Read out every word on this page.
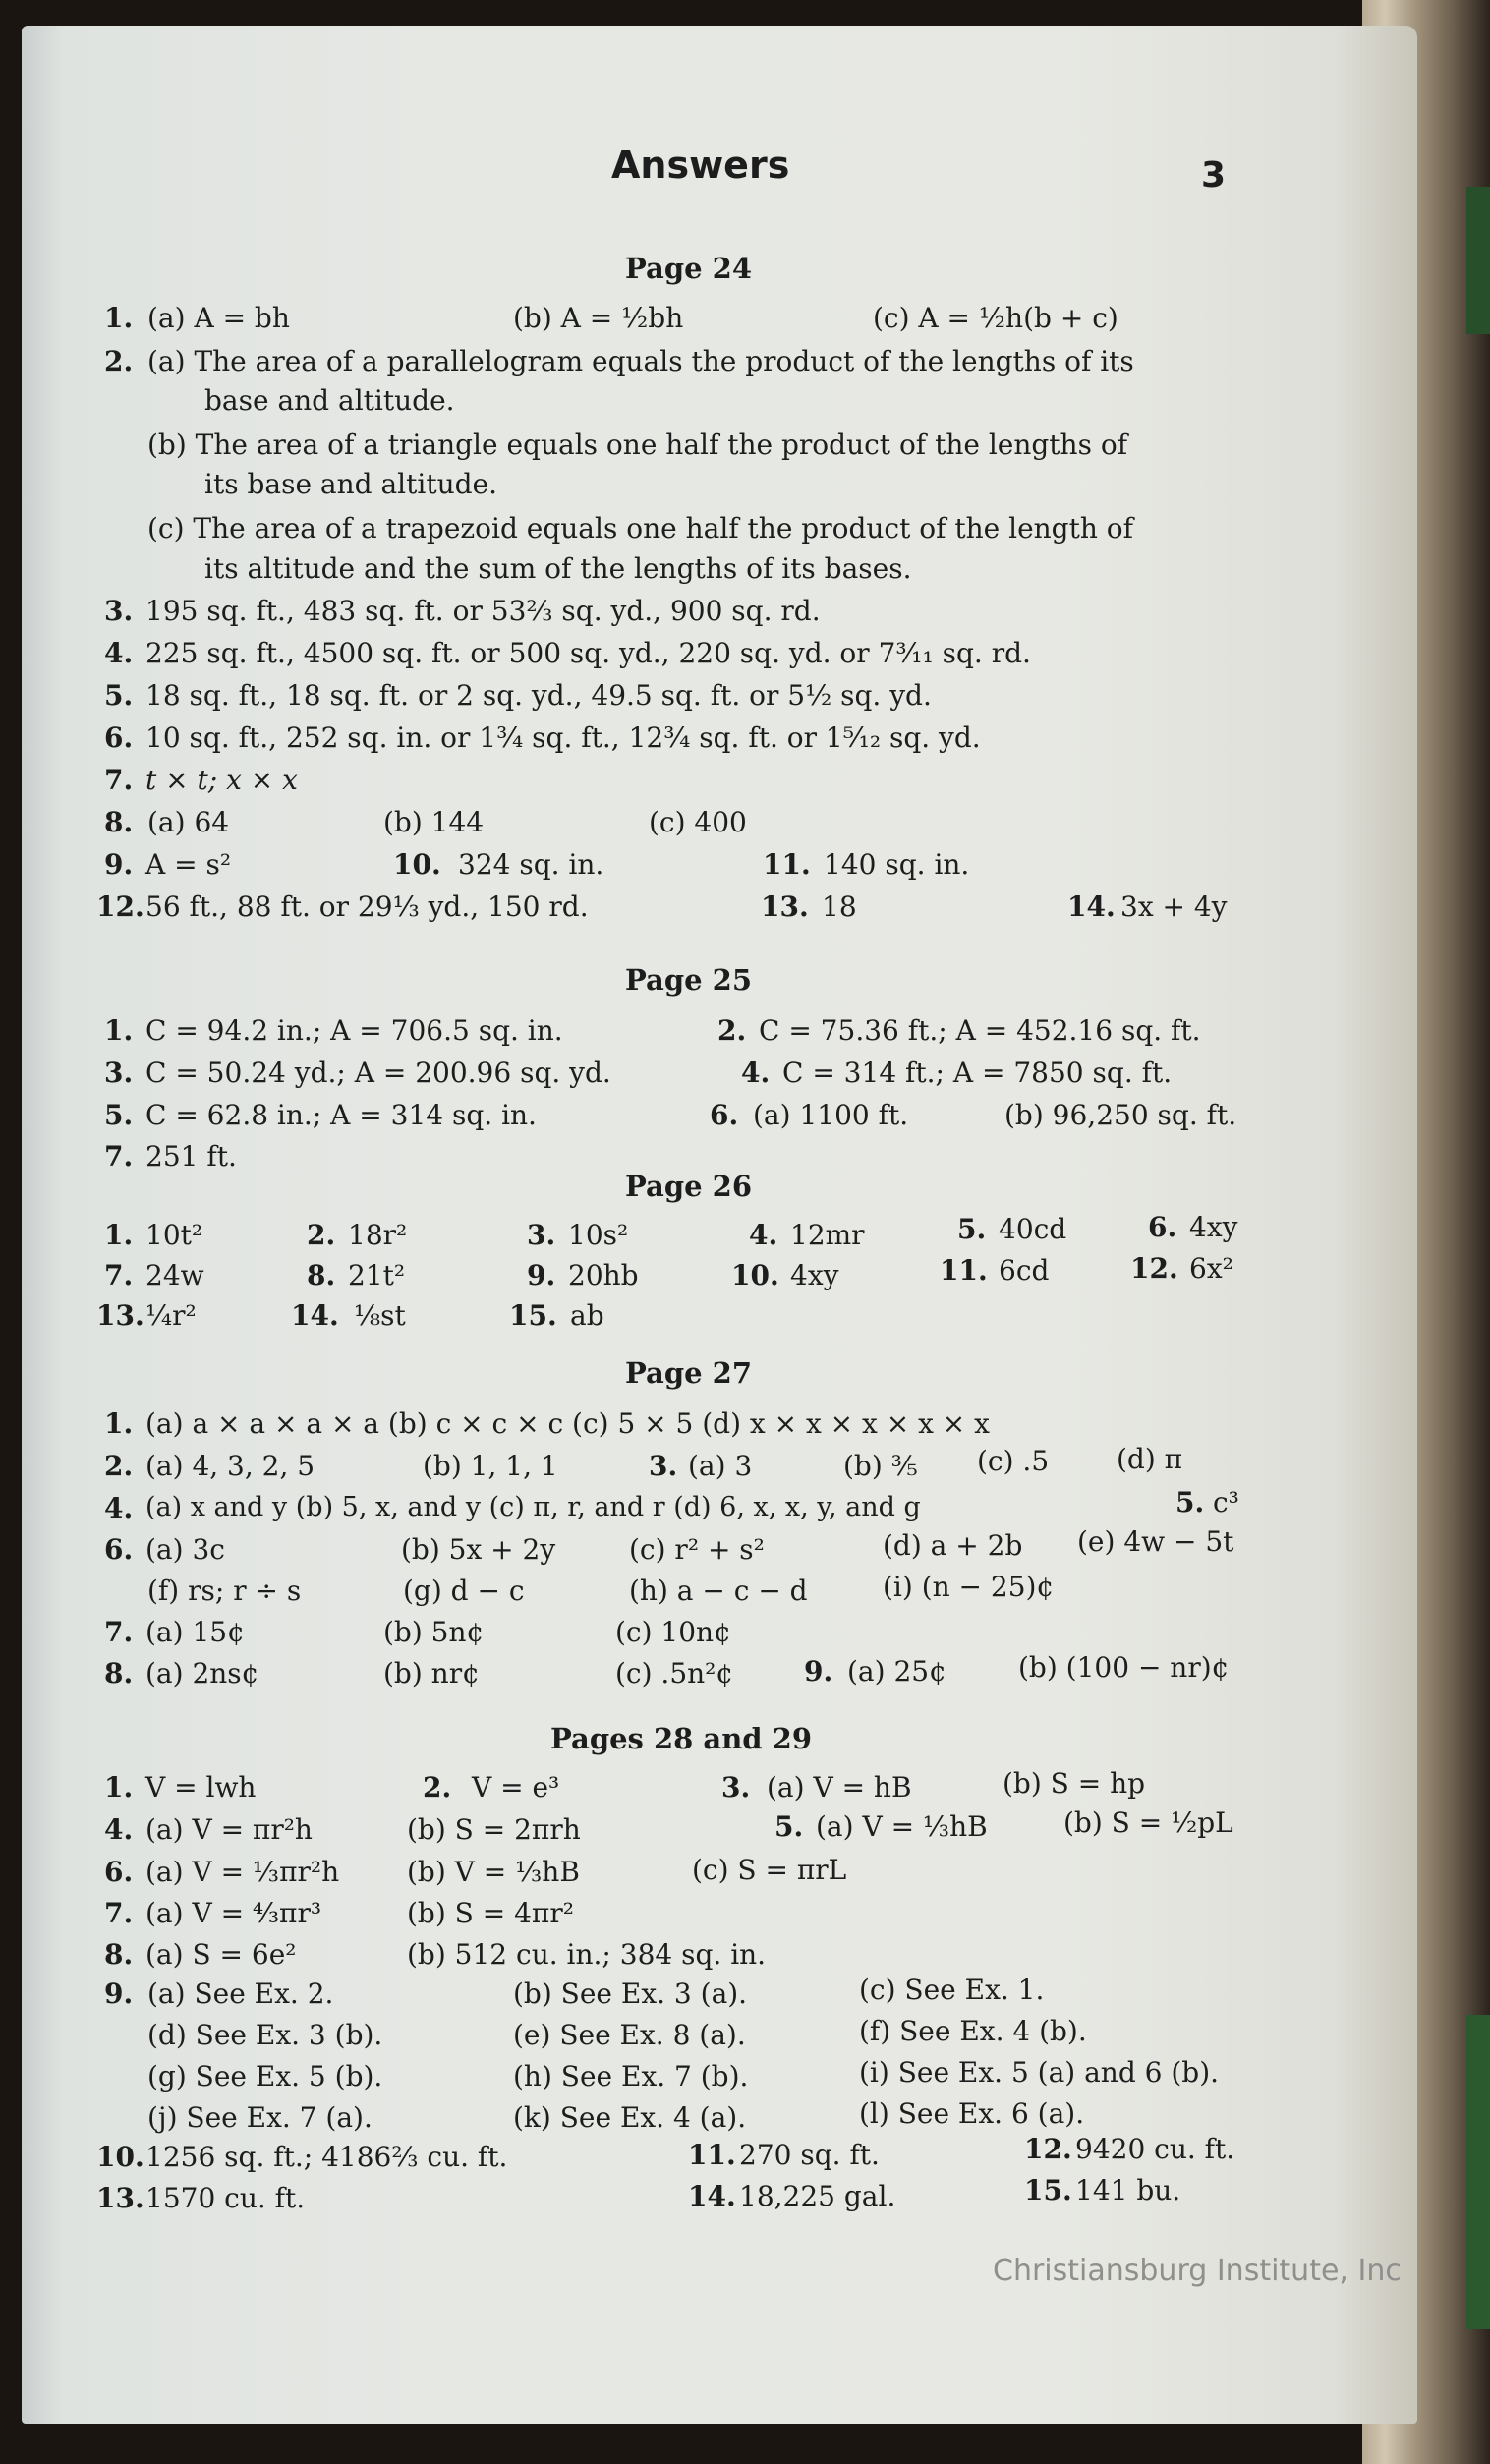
Answers	3
Page 24
1. (a) A = bh	(b) A = ½bh	(c) A = ½h(b + c)
2. (a) The area of a parallelogram equals the product of the lengths of its
base and altitude.
(b) The area of a triangle equals one half the product of the lengths of
its base and altitude.
(c) The area of a trapezoid equals one half the product of the length of
its altitude and the sum of the lengths of its bases.
3. 195 sq. ft., 483 sq. ft. or 53⅔ sq. yd., 900 sq. rd.
4. 225 sq. ft., 4500 sq. ft. or 500 sq. yd., 220 sq. yd. or 7³⁄₁₁ sq. rd.
5. 18 sq. ft., 18 sq. ft. or 2 sq. yd., 49.5 sq. ft. or 5½ sq. yd.
6. 10 sq. ft., 252 sq. in. or 1¾ sq. ft., 12¾ sq. ft. or 1⁵⁄₁₂ sq. yd.
7. t × t; x × x
8. (a) 64	(b) 144	(c) 400
9. A = s²	10. 324 sq. in.	11. 140 sq. in.
12. 56 ft., 88 ft. or 29⅓ yd., 150 rd.	13. 18	14. 3x + 4y
Page 25
1. C = 94.2 in.; A = 706.5 sq. in.	2. C = 75.36 ft.; A = 452.16 sq. ft.
3. C = 50.24 yd.; A = 200.96 sq. yd.	4. C = 314 ft.; A = 7850 sq. ft.
5. C = 62.8 in.; A = 314 sq. in.	6. (a) 1100 ft.	(b) 96,250 sq. ft.
7. 251 ft.
Page 26
1. 10t²	2. 18r²	3. 10s²	4. 12mr	5. 40cd	6. 4xy
7. 24w	8. 21t²	9. 20hb	10. 4xy	11. 6cd	12. 6x²
13. ¼r²	14. ⅛st	15. ab
Page 27
1. (a) a × a × a × a (b) c × c × c (c) 5 × 5 (d) x × x × x × x × x
2. (a) 4, 3, 2, 5	(b) 1, 1, 1	3. (a) 3	(b) ⅗ (c) .5 (d) π
4. (a) x and y (b) 5, x, and y (c) π, r, and r (d) 6, x, x, y, and g	5. c³
6. (a) 3c	(b) 5x + 2y	(c) r² + s²	(d) a + 2b (e) 4w − 5t
(f) rs; r ÷ s	(g) d − c	(h) a − c − d	(i) (n − 25)¢
7. (a) 15¢	(b) 5n¢	(c) 10n¢
8. (a) 2ns¢	(b) nr¢	(c) .5n²¢	9. (a) 25¢	(b) (100 − nr)¢
Pages 28 and 29
1. V = lwh	2. V = e³	3. (a) V = hB	(b) S = hp
4. (a) V = πr²h	(b) S = 2πrh	5. (a) V = ⅓hB	(b) S = ½pL
6. (a) V = ⅓πr²h (b) V = ⅓hB	(c) S = πrL
7. (a) V = ⁴⁄₃πr³	(b) S = 4πr²
8. (a) S = 6e²	(b) 512 cu. in.; 384 sq. in.
9. (a) See Ex. 2.	(b) See Ex. 3 (a).	(c) See Ex. 1.
(d) See Ex. 3 (b).	(e) See Ex. 8 (a).	(f) See Ex. 4 (b).
(g) See Ex. 5 (b).	(h) See Ex. 7 (b).	(i) See Ex. 5 (a) and 6 (b).
(j) See Ex. 7 (a).	(k) See Ex. 4 (a).	(l) See Ex. 6 (a).
10. 1256 sq. ft.; 4186⅔ cu. ft.	11. 270 sq. ft.	12. 9420 cu. ft.
13. 1570 cu. ft.	14. 18,225 gal.	15. 141 bu.
Christiansburg Institute, Inc
